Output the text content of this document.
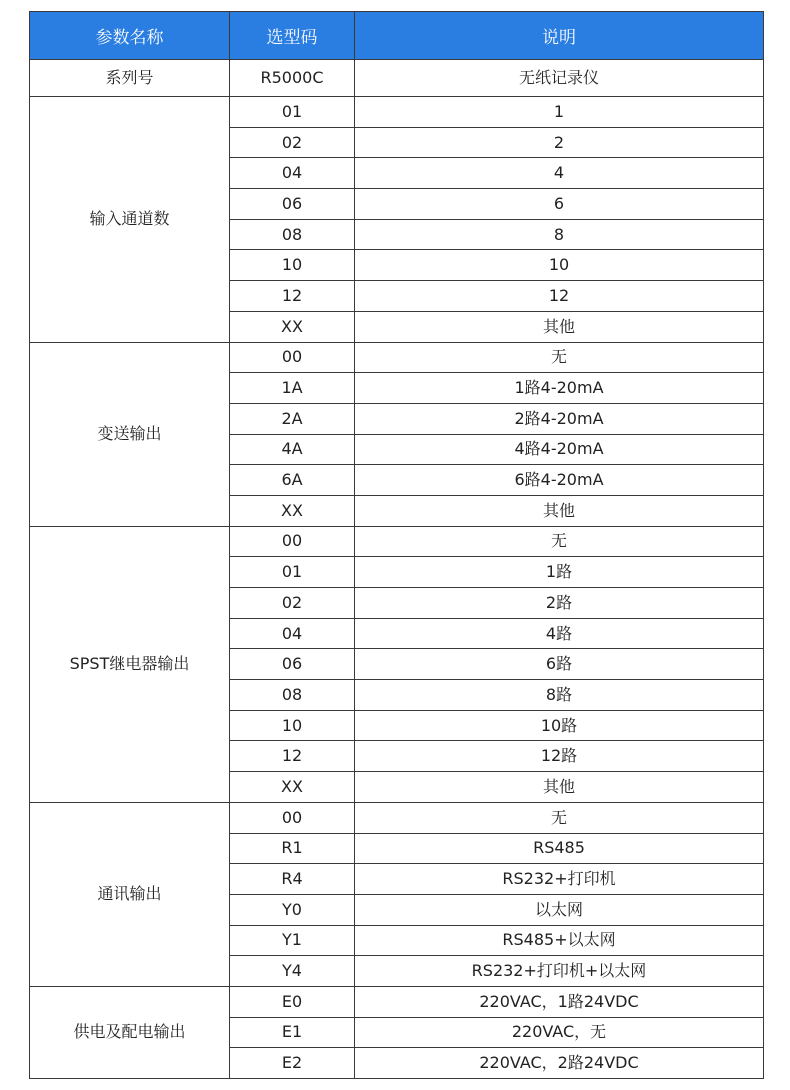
参数名称	选型码	说明
系列号	R5000C	无纸记录仪
输入通道数	01	1
	02	2
	04	4
	06	6
	08	8
	10	10
	12	12
	XX	其他
变送输出	00	无
	1A	1路4-20mA
	2A	2路4-20mA
	4A	4路4-20mA
	6A	6路4-20mA
	XX	其他
SPST继电器输出	00	无
	01	1路
	02	2路
	04	4路
	06	6路
	08	8路
	10	10路
	12	12路
	XX	其他
通讯输出	00	无
	R1	RS485
	R4	RS232+打印机
	Y0	以太网
	Y1	RS485+以太网
	Y4	RS232+打印机+以太网
供电及配电输出	E0	220VAC，1路24VDC
	E1	220VAC，无
	E2	220VAC，2路24VDC
